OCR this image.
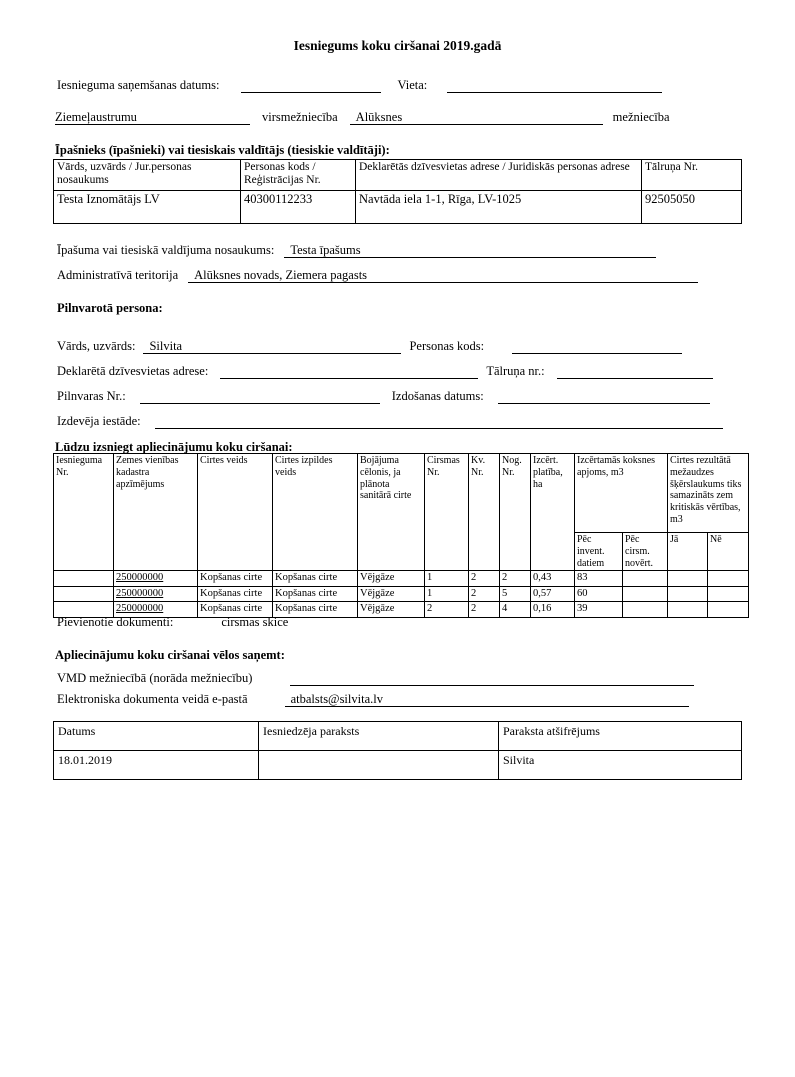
Iesniegums koku ciršanai 2019.gadā
Iesnieguma saņemšanas datums:	Vieta:
Ziemeļaustrumu	virsmežniecība	Alūksnes	mežniecība
Īpašnieks (īpašnieki) vai tiesiskais valdītājs (tiesiskie valdītāji):
Vārds, uzvārds / Jur.personas nosaukums	Personas kods / Reģistrācijas Nr.	Deklarētās dzīvesvietas adrese / Juridiskās personas adrese	Tālruņa Nr.
Testa Iznomātājs LV	40300112233	Navtāda iela 1-1, Rīga, LV-1025	92505050
Īpašuma vai tiesiskā valdījuma nosaukums:	Testa īpašums
Administratīvā teritorija	Alūksnes novads, Ziemera pagasts
Pilnvarotā persona:
Vārds, uzvārds:	Silvita	Personas kods:
Deklarētā dzīvesvietas adrese:	Tālruņa nr.:
Pilnvaras Nr.:	Izdošanas datums:
Izdevēja iestāde:
Lūdzu izsniegt apliecinājumu koku ciršanai:
Iesnieguma Nr.	Zemes vienības kadastra apzīmējums	Cirtes veids	Cirtes izpildes veids	Bojājuma cēlonis, ja plānota sanitārā cirte	Cirsmas Nr.	Kv. Nr.	Nog. Nr.	Izcērt. platība, ha	Izcērtamās koksnes apjoms, m3		Cirtes rezultātā mežaudzes šķērslaukums tiks samazināts zem kritiskās vērtības, m3	
									Pēc invent. datiem	Pēc cirsm. novērt.	Jā	Nē
	250000000	Kopšanas cirte	Kopšanas cirte	Vējgāze	1	2	2	0,43	83			
	250000000	Kopšanas cirte	Kopšanas cirte	Vējgāze	1	2	5	0,57	60			
	250000000	Kopšanas cirte	Kopšanas cirte	Vējgāze	2	2	4	0,16	39			
Pievienotie dokumenti:	cirsmas skice
Apliecinājumu koku ciršanai vēlos saņemt:
VMD mežniecībā (norāda mežniecību)
Elektroniska dokumenta veidā e-pastā	atbalsts@silvita.lv
Datums	Iesniedzēja paraksts	Paraksta atšifrējums
18.01.2019		Silvita
